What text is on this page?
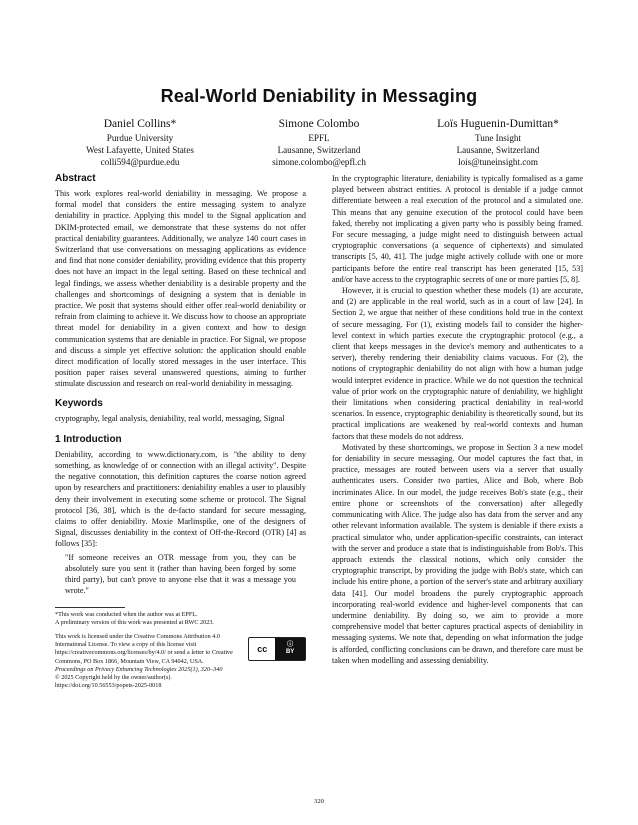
Real-World Deniability in Messaging
Daniel Collins*
Purdue University
West Lafayette, United States
colli594@purdue.edu
Simone Colombo
EPFL
Lausanne, Switzerland
simone.colombo@epfl.ch
Loïs Huguenin-Dumittan*
Tune Insight
Lausanne, Switzerland
lois@tuneinsight.com
Abstract

This work explores real-world deniability in messaging. We propose a formal model that considers the entire messaging system to analyze deniability in practice. Applying this model to the Signal application and DKIM-protected email, we demonstrate that these systems do not offer practical deniability guarantees. Additionally, we analyze 140 court cases in Switzerland that use conversations on messaging applications as evidence and find that none consider deniability, providing evidence that this property does not have an impact in the legal setting. Based on these technical and legal findings, we assess whether deniability is a desirable property and the challenges and shortcomings of designing a system that is deniable in practice. We posit that systems should either offer real-world deniability or refrain from claiming to achieve it. We discuss how to choose an appropriate threat model for deniability in a given context and how to design communication systems that are deniable in practice. For Signal, we propose and discuss a simple yet effective solution: the application should enable direct modification of locally stored messages in the user interface. This position paper raises several unanswered questions, aiming to further stimulate discussion and research on real-world deniability in messaging.

Keywords

cryptography, legal analysis, deniability, real world, messaging, Signal

1 Introduction

Deniability, according to www.dictionary.com, is "the ability to deny something, as knowledge of or connection with an illegal activity". Despite the negative connotation, this definition captures the coarse notion agreed upon by researchers and practitioners: deniability enables a user to plausibly deny their involvement in executing some scheme or protocol. The Signal protocol [36, 38], which is the de-facto standard for secure messaging, claims to offer deniability. Moxie Marlinspike, one of the designers of Signal, discusses deniability in the context of Off-the-Record (OTR) [4] as follows [35]:

"If someone receives an OTR message from you, they can be absolutely sure you sent it (rather than having been forged by some third party), but can't prove to anyone else that it was a message you wrote."

*This work was conducted when the author was at EPFL.
A preliminary version of this work was presented at RWC 2023.
This work is licensed under the Creative Commons Attribution 4.0 International License. To view a copy of this license visit https://creativecommons.org/licenses/by/4.0/ or send a letter to Creative Commons, PO Box 1866, Mountain View, CA 94042, USA.
Proceedings on Privacy Enhancing Technologies 2025(1), 320–340
© 2025 Copyright held by the owner/author(s).
https://doi.org/10.56553/popets-2025-0018
cc	ⓘ
BY

In the cryptographic literature, deniability is typically formalised as a game played between abstract entities. A protocol is deniable if a judge cannot differentiate between a real execution of the protocol and a simulated one. This means that any genuine execution of the protocol could have been faked, thereby not implicating a given party who is possibly being framed. For secure messaging, a judge might need to distinguish between actual cryptographic conversations (a sequence of ciphertexts) and simulated transcripts [5, 40, 41]. The judge might actively collude with one or more participants before the entire real transcript has been generated [15, 53] and/or have access to the cryptographic secrets of one or more parties [5, 8].

However, it is crucial to question whether these models (1) are accurate, and (2) are applicable in the real world, such as in a court of law [24]. In Section 2, we argue that neither of these conditions hold true in the context of secure messaging. For (1), existing models fail to consider the higher-level context in which parties execute the cryptographic protocol (e.g., a client that keeps messages in the device's memory and authenticates to a server), thereby rendering their deniability claims vacuous. For (2), the notions of cryptographic deniability do not align with how a human judge would interpret evidence in practice. While we do not question the technical value of prior work on the cryptographic nature of deniability, we highlight their limitations when considering practical deniability in real-world scenarios. In essence, cryptographic deniability is theoretically sound, but its practical implications are weakened by real-world contexts and human factors that these models do not address.

Motivated by these shortcomings, we propose in Section 3 a new model for deniability in secure messaging. Our model captures the fact that, in practice, messages are routed between users via a server that usually authenticates users. Consider two parties, Alice and Bob, where Bob incriminates Alice. In our model, the judge receives Bob's state (e.g., their entire phone or screenshots of the conversation) after allegedly communicating with Alice. The judge also has data from the server and any other relevant information available. The system is deniable if there exists a practical simulator who, under application-specific constraints, can interact with the server and produce a state that is indistinguishable from Bob's. This approach extends the classical notions, which only consider the cryptographic transcript, by providing the judge with Bob's state, which can include his entire phone, a portion of the server's state and arbitrary auxiliary data [41]. Our model broadens the purely cryptographic approach incorporating real-world evidence and higher-level components that can undermine deniability. By doing so, we aim to provide a more comprehensive model that better captures practical aspects of deniability in messaging systems. We note that, depending on what information the judge is afforded, conflicting conclusions can be drawn, and therefore care must be taken when modelling and assessing deniability.

320
